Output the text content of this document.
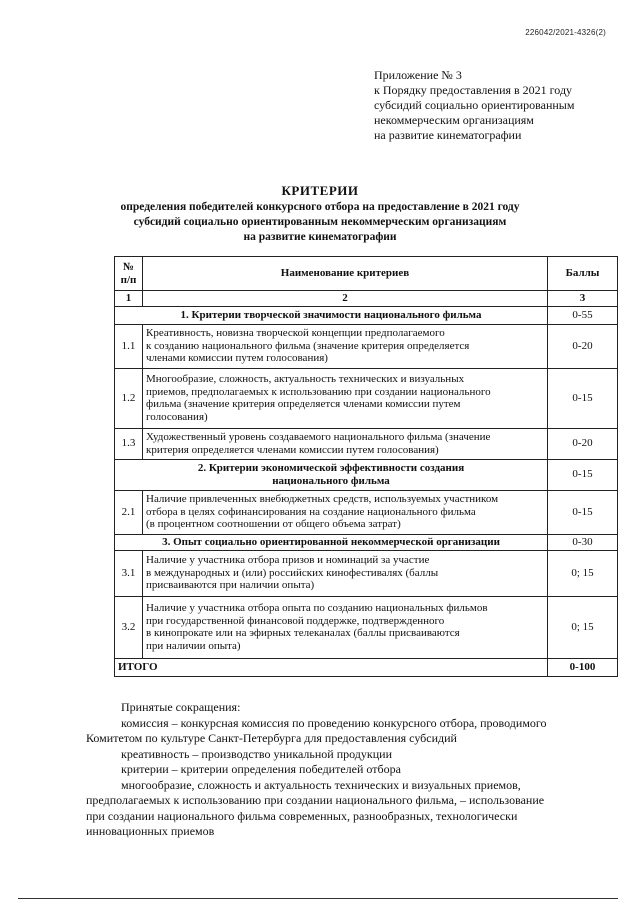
226042/2021-4326(2)
Приложение № 3
к Порядку предоставления в 2021 году
субсидий социально ориентированным
некоммерческим организациям
на развитие кинематографии
КРИТЕРИИ
определения победителей конкурсного отбора на предоставление в 2021 году
субсидий социально ориентированным некоммерческим организациям
на развитие кинематографии
№
п/п	Наименование критериев	Баллы
1	2	3
1. Критерии творческой значимости национального фильма		0-55
1.1	Креативность, новизна творческой концепции предполагаемого
к созданию национального фильма (значение критерия определяется
членами комиссии путем голосования)	0-20
1.2	Многообразие, сложность, актуальность технических и визуальных
приемов, предполагаемых к использованию при создании национального
фильма (значение критерия определяется членами комиссии путем
голосования)	0-15
1.3	Художественный уровень создаваемого национального фильма (значение
критерия определяется членами комиссии путем голосования)	0-20

2. Критерии экономической эффективности создания
национального фильма		0-15
2.1	Наличие привлеченных внебюджетных средств, используемых участником
отбора в целях софинансирования на создание национального фильма
(в процентном соотношении от общего объема затрат)	0-15
3. Опыт социально ориентированной некоммерческой организации		0-30
3.1	Наличие у участника отбора призов и номинаций за участие
в международных и (или) российских кинофестивалях (баллы
присваиваются при наличии опыта)	0; 15
3.2	Наличие у участника отбора опыта по созданию национальных фильмов
при государственной финансовой поддержке, подтвержденного
в кинопрокате или на эфирных телеканалах (баллы присваиваются
при наличии опыта)	0; 15
ИТОГО		0-100
Принятые сокращения:
комиссия – конкурсная комиссия по проведению конкурсного отбора, проводимого
Комитетом по культуре Санкт-Петербурга для предоставления субсидий
креативность – производство уникальной продукции
критерии – критерии определения победителей отбора
многообразие, сложность и актуальность технических и визуальных приемов,
предполагаемых к использованию при создании национального фильма, – использование
при создании национального фильма современных, разнообразных, технологически
инновационных приемов
